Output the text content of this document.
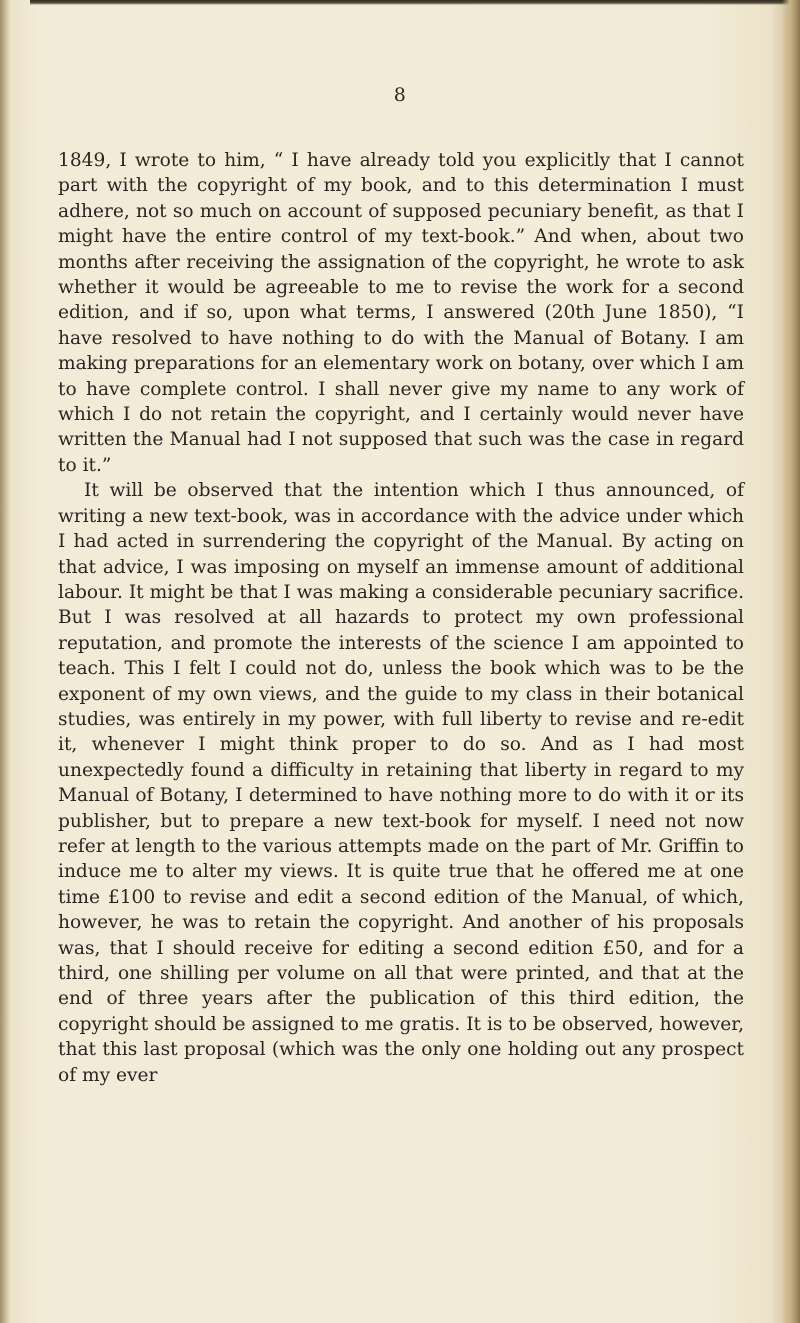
8

1849, I wrote to him, “ I have already told you explicitly that I cannot part with the copyright of my book, and to this determination I must adhere, not so much on account of supposed pecuniary benefit, as that I might have the entire control of my text-book.” And when, about two months after receiving the assignation of the copyright, he wrote to ask whether it would be agreeable to me to revise the work for a second edition, and if so, upon what terms, I answered (20th June 1850), “I have resolved to have nothing to do with the Manual of Botany. I am making preparations for an elementary work on botany, over which I am to have complete control. I shall never give my name to any work of which I do not retain the copyright, and I certainly would never have written the Manual had I not supposed that such was the case in regard to it.”

It will be observed that the intention which I thus announced, of writing a new text-book, was in accordance with the advice under which I had acted in surrendering the copyright of the Manual. By acting on that advice, I was imposing on myself an immense amount of additional labour. It might be that I was making a considerable pecuniary sacrifice. But I was resolved at all hazards to protect my own professional reputation, and promote the interests of the science I am appointed to teach. This I felt I could not do, unless the book which was to be the exponent of my own views, and the guide to my class in their botanical studies, was entirely in my power, with full liberty to revise and re-edit it, whenever I might think proper to do so. And as I had most unexpectedly found a difficulty in retaining that liberty in regard to my Manual of Botany, I determined to have nothing more to do with it or its publisher, but to prepare a new text-book for myself. I need not now refer at length to the various attempts made on the part of Mr. Griffin to induce me to alter my views. It is quite true that he offered me at one time £100 to revise and edit a second edition of the Manual, of which, however, he was to retain the copyright. And another of his proposals was, that I should receive for editing a second edition £50, and for a third, one shilling per volume on all that were printed, and that at the end of three years after the publication of this third edition, the copyright should be assigned to me gratis. It is to be observed, however, that this last proposal (which was the only one holding out any prospect of my ever
